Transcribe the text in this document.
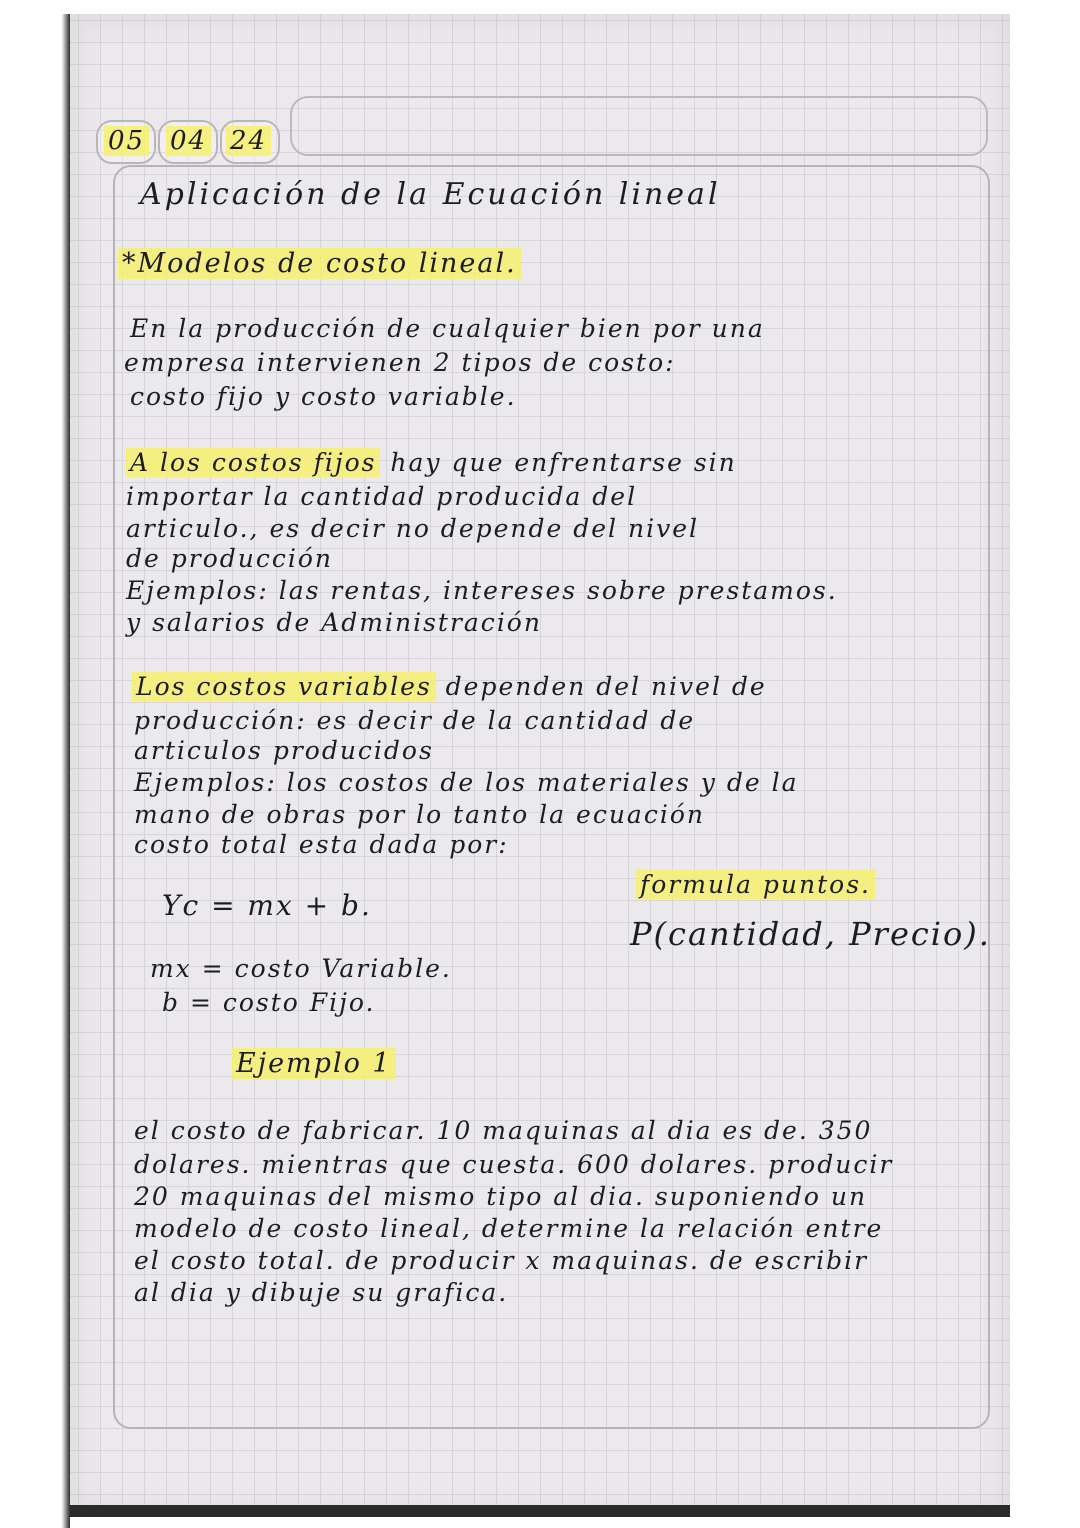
05 04 24
Aplicación de la Ecuación lineal
*Modelos de costo lineal.
En la producción de cualquier bien por una
empresa intervienen 2 tipos de costo:
costo fijo y costo variable.
A los costos fijos hay que enfrentarse sin
importar la cantidad producida del
articulo., es decir no depende del nivel
de producción
Ejemplos: las rentas, intereses sobre prestamos.
y salarios de Administración
Los costos variables dependen del nivel de
producción: es decir de la cantidad de
articulos producidos
Ejemplos: los costos de los materiales y de la
mano de obras por lo tanto la ecuación
costo total esta dada por:
Yc = mx + b.
formula puntos.
P(cantidad, Precio).
mx = costo Variable.
b = costo Fijo.
Ejemplo 1
el costo de fabricar. 10 maquinas al dia es de. 350
dolares. mientras que cuesta. 600 dolares. producir
20 maquinas del mismo tipo al dia. suponiendo un
modelo de costo lineal, determine la relación entre
el costo total. de producir x maquinas. de escribir
al dia y dibuje su grafica.
